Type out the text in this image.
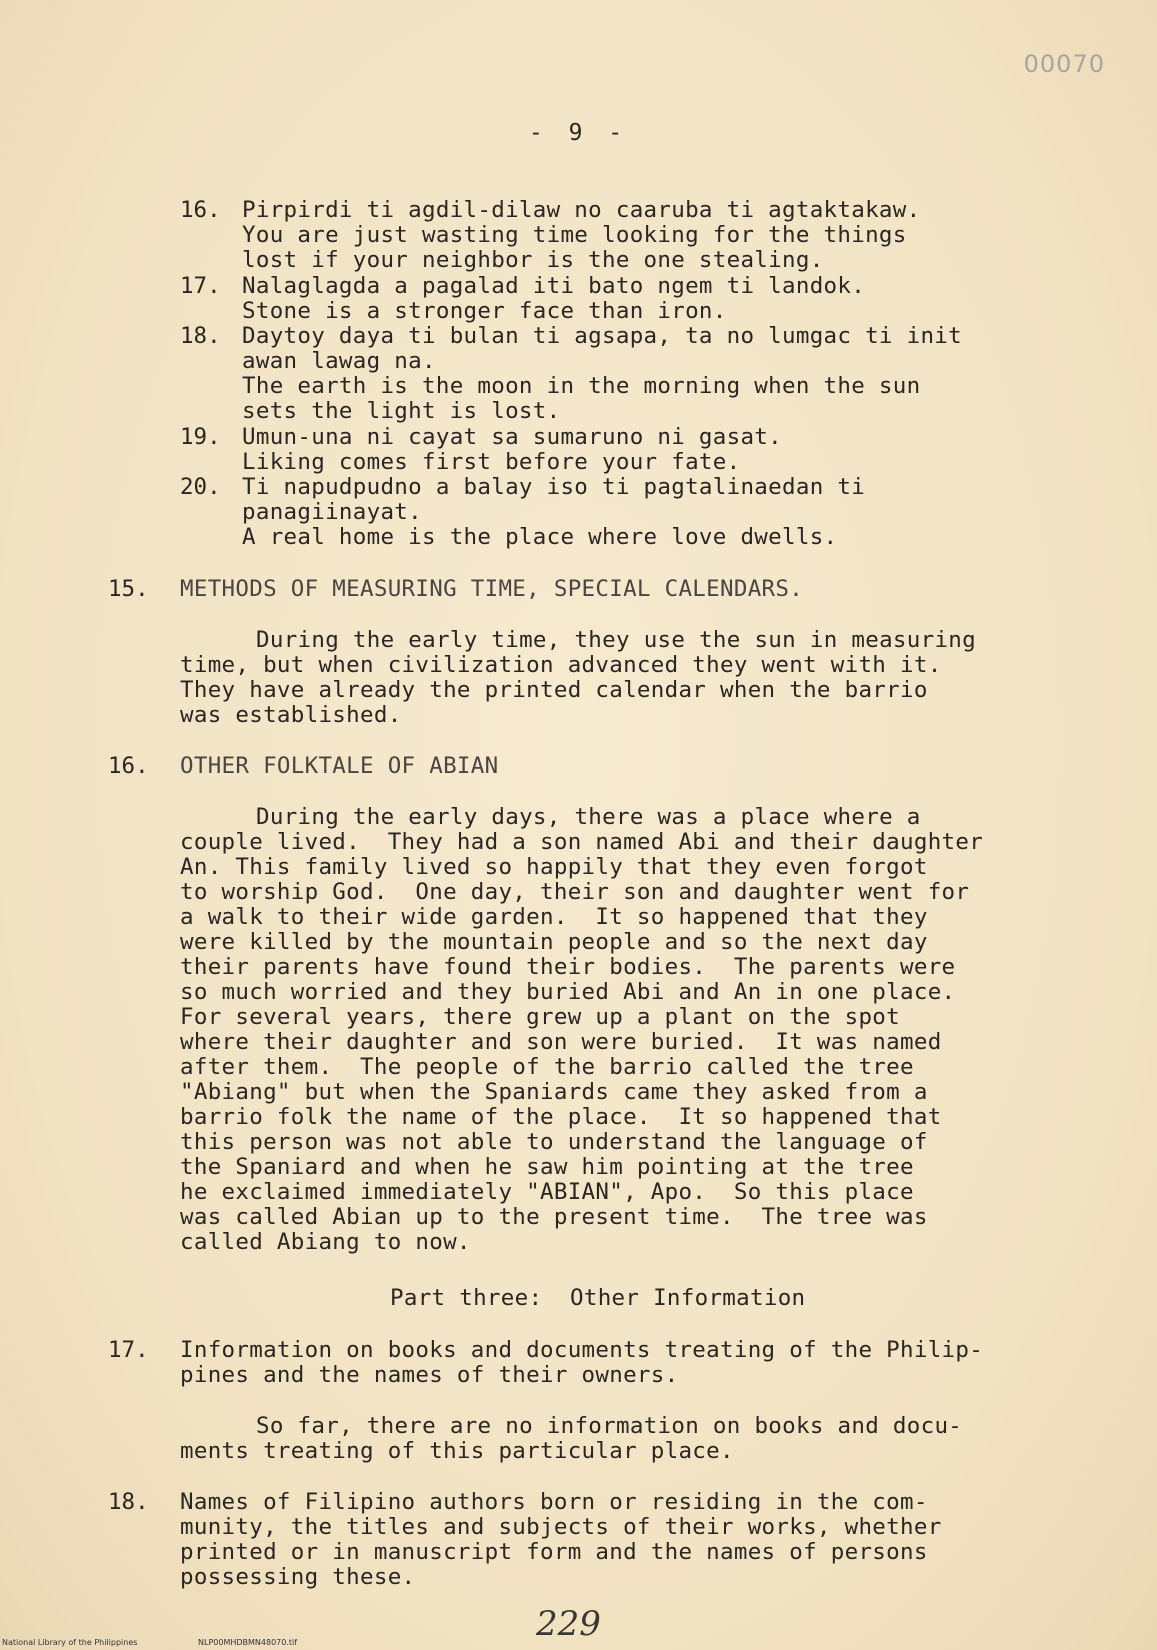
00070
- 9 -
16. Pirpirdi ti agdil-dilaw no caaruba ti agtaktakaw.
You are just wasting time looking for the things
lost if your neighbor is the one stealing.
17. Nalaglagda a pagalad iti bato ngem ti landok.
Stone is a stronger face than iron.
18. Daytoy daya ti bulan ti agsapa, ta no lumgac ti init
awan lawag na.
The earth is the moon in the morning when the sun
sets the light is lost.
19. Umun-una ni cayat sa sumaruno ni gasat.
Liking comes first before your fate.
20. Ti napudpudno a balay iso ti pagtalinaedan ti
panagiinayat.
A real home is the place where love dwells.
15. METHODS OF MEASURING TIME, SPECIAL CALENDARS.
During the early time, they use the sun in measuring
time, but when civilization advanced they went with it.
They have already the printed calendar when the barrio
was established.
16. OTHER FOLKTALE OF ABIAN
During the early days, there was a place where a
couple lived.  They had a son named Abi and their daughter
An. This family lived so happily that they even forgot
to worship God.  One day, their son and daughter went for
a walk to their wide garden.  It so happened that they
were killed by the mountain people and so the next day
their parents have found their bodies.  The parents were
so much worried and they buried Abi and An in one place.
For several years, there grew up a plant on the spot
where their daughter and son were buried.  It was named
after them.  The people of the barrio called the tree
"Abiang" but when the Spaniards came they asked from a
barrio folk the name of the place.  It so happened that
this person was not able to understand the language of
the Spaniard and when he saw him pointing at the tree
he exclaimed immediately "ABIAN", Apo.  So this place
was called Abian up to the present time.  The tree was
called Abiang to now.
Part three:  Other Information
17. Information on books and documents treating of the Philip-
pines and the names of their owners.
So far, there are no information on books and docu-
ments treating of this particular place.
18. Names of Filipino authors born or residing in the com-
munity, the titles and subjects of their works, whether
printed or in manuscript form and the names of persons
possessing these.
229
National Library of the Philippines	NLP00MHDBMN48070.tif
